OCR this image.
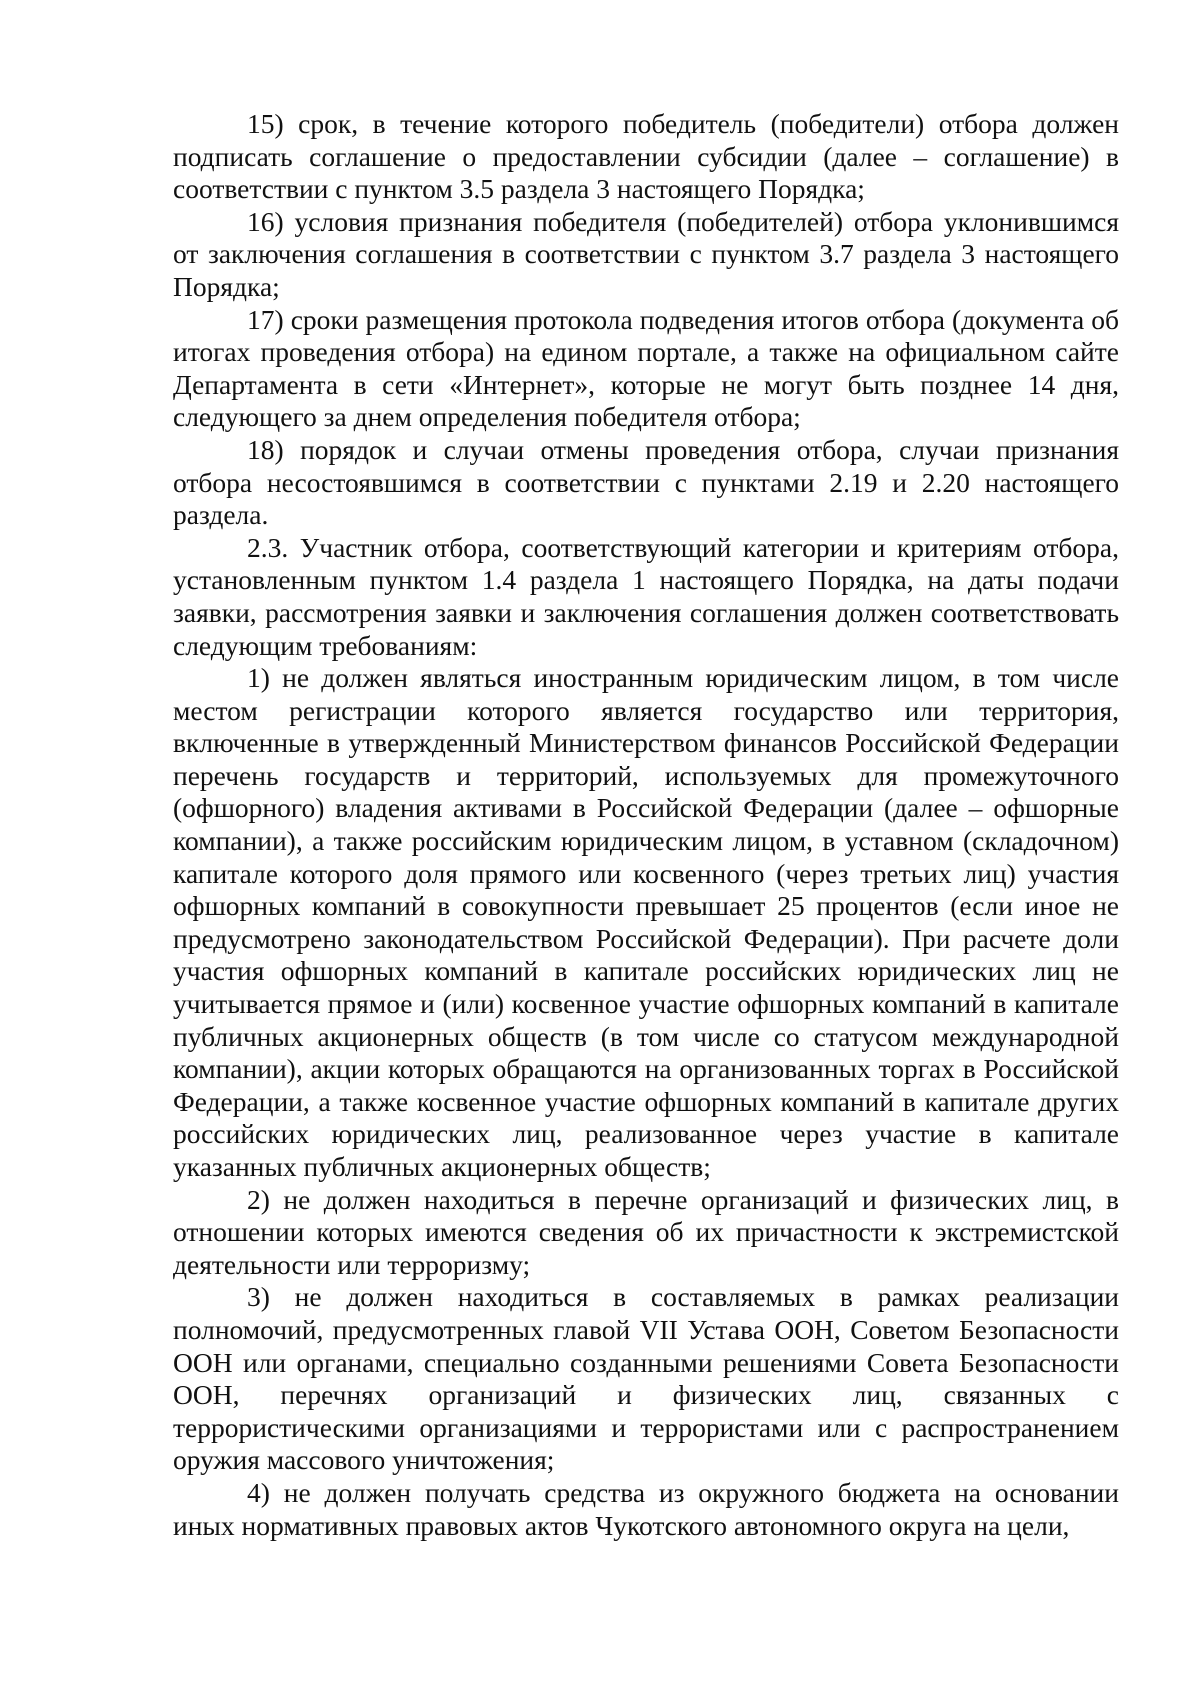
15) срок, в течение которого победитель (победители) отбора должен подписать соглашение о предоставлении субсидии (далее – соглашение) в соответствии с пунктом 3.5 раздела 3 настоящего Порядка;

16) условия признания победителя (победителей) отбора уклонившимся от заключения соглашения в соответствии с пунктом 3.7 раздела 3 настоящего Порядка;

17) сроки размещения протокола подведения итогов отбора (документа об итогах проведения отбора) на едином портале, а также на официальном сайте Департамента в сети «Интернет», которые не могут быть позднее 14 дня, следующего за днем определения победителя отбора;

18) порядок и случаи отмены проведения отбора, случаи признания отбора несостоявшимся в соответствии с пунктами 2.19 и 2.20 настоящего раздела.

2.3. Участник отбора, соответствующий категории и критериям отбора, установленным пунктом 1.4 раздела 1 настоящего Порядка, на даты подачи заявки, рассмотрения заявки и заключения соглашения должен соответствовать следующим требованиям:

1) не должен являться иностранным юридическим лицом, в том числе местом регистрации которого является государство или территория, включенные в утвержденный Министерством финансов Российской Федерации перечень государств и территорий, используемых для промежуточного (офшорного) владения активами в Российской Федерации (далее – офшорные компании), а также российским юридическим лицом, в уставном (складочном) капитале которого доля прямого или косвенного (через третьих лиц) участия офшорных компаний в совокупности превышает 25 процентов (если иное не предусмотрено законодательством Российской Федерации). При расчете доли участия офшорных компаний в капитале российских юридических лиц не учитывается прямое и (или) косвенное участие офшорных компаний в капитале публичных акционерных обществ (в том числе со статусом международной компании), акции которых обращаются на организованных торгах в Российской Федерации, а также косвенное участие офшорных компаний в капитале других российских юридических лиц, реализованное через участие в капитале указанных публичных акционерных обществ;

2) не должен находиться в перечне организаций и физических лиц, в отношении которых имеются сведения об их причастности к экстремистской деятельности или терроризму;

3) не должен находиться в составляемых в рамках реализации полномочий, предусмотренных главой VII Устава ООН, Советом Безопасности ООН или органами, специально созданными решениями Совета Безопасности ООН, перечнях организаций и физических лиц, связанных с террористическими организациями и террористами или с распространением оружия массового уничтожения;

4) не должен получать средства из окружного бюджета на основании иных нормативных правовых актов Чукотского автономного округа на цели,
